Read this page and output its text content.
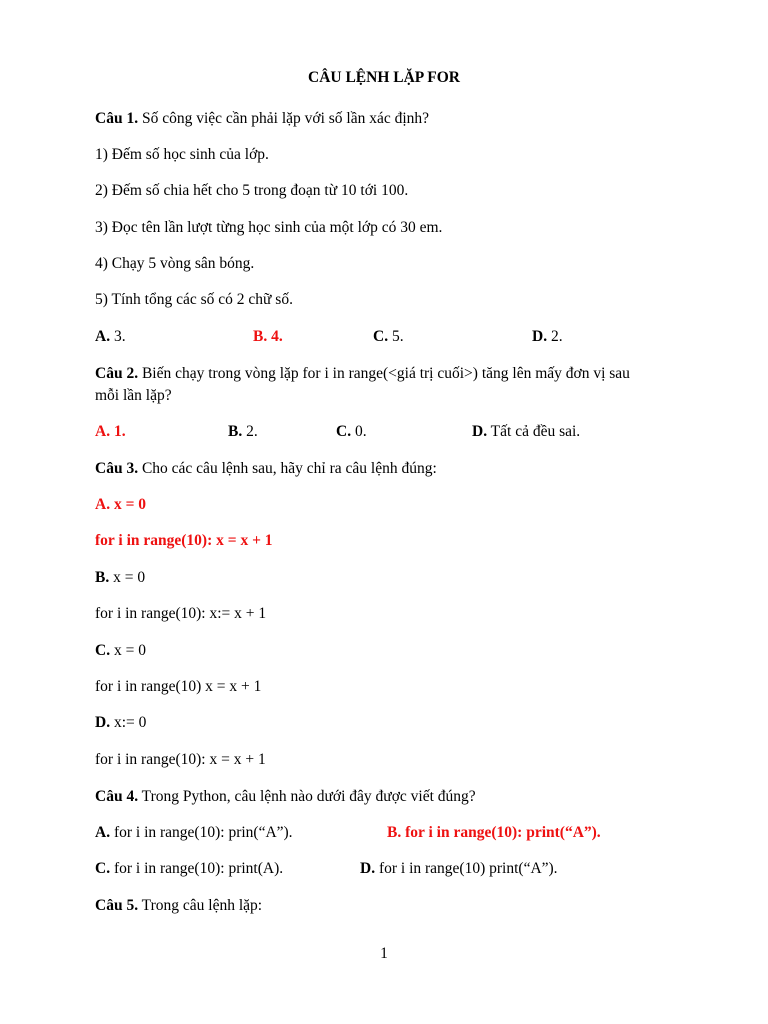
CÂU LỆNH LẶP FOR
Câu 1. Số công việc cần phải lặp với số lần xác định?
1) Đếm số học sinh của lớp.
2) Đếm số chia hết cho 5 trong đoạn từ 10 tới 100.
3) Đọc tên lần lượt từng học sinh của một lớp có 30 em.
4) Chạy 5 vòng sân bóng.
5) Tính tổng các số có 2 chữ số.
A. 3.	B. 4.	C. 5.	D. 2.
Câu 2. Biến chạy trong vòng lặp for i in range(<giá trị cuối>) tăng lên mấy đơn vị sau
mỗi lần lặp?
A. 1.	B. 2.	C. 0.	D. Tất cả đều sai.
Câu 3. Cho các câu lệnh sau, hãy chỉ ra câu lệnh đúng:
A. x = 0
for i in range(10): x = x + 1
B. x = 0
for i in range(10): x:= x + 1
C. x = 0
for i in range(10) x = x + 1
D. x:= 0
for i in range(10): x = x + 1
Câu 4. Trong Python, câu lệnh nào dưới đây được viết đúng?
A. for i in range(10): prin(“A”).	B. for i in range(10): print(“A”).
C. for i in range(10): print(A).	D. for i in range(10) print(“A”).
Câu 5. Trong câu lệnh lặp:
1
